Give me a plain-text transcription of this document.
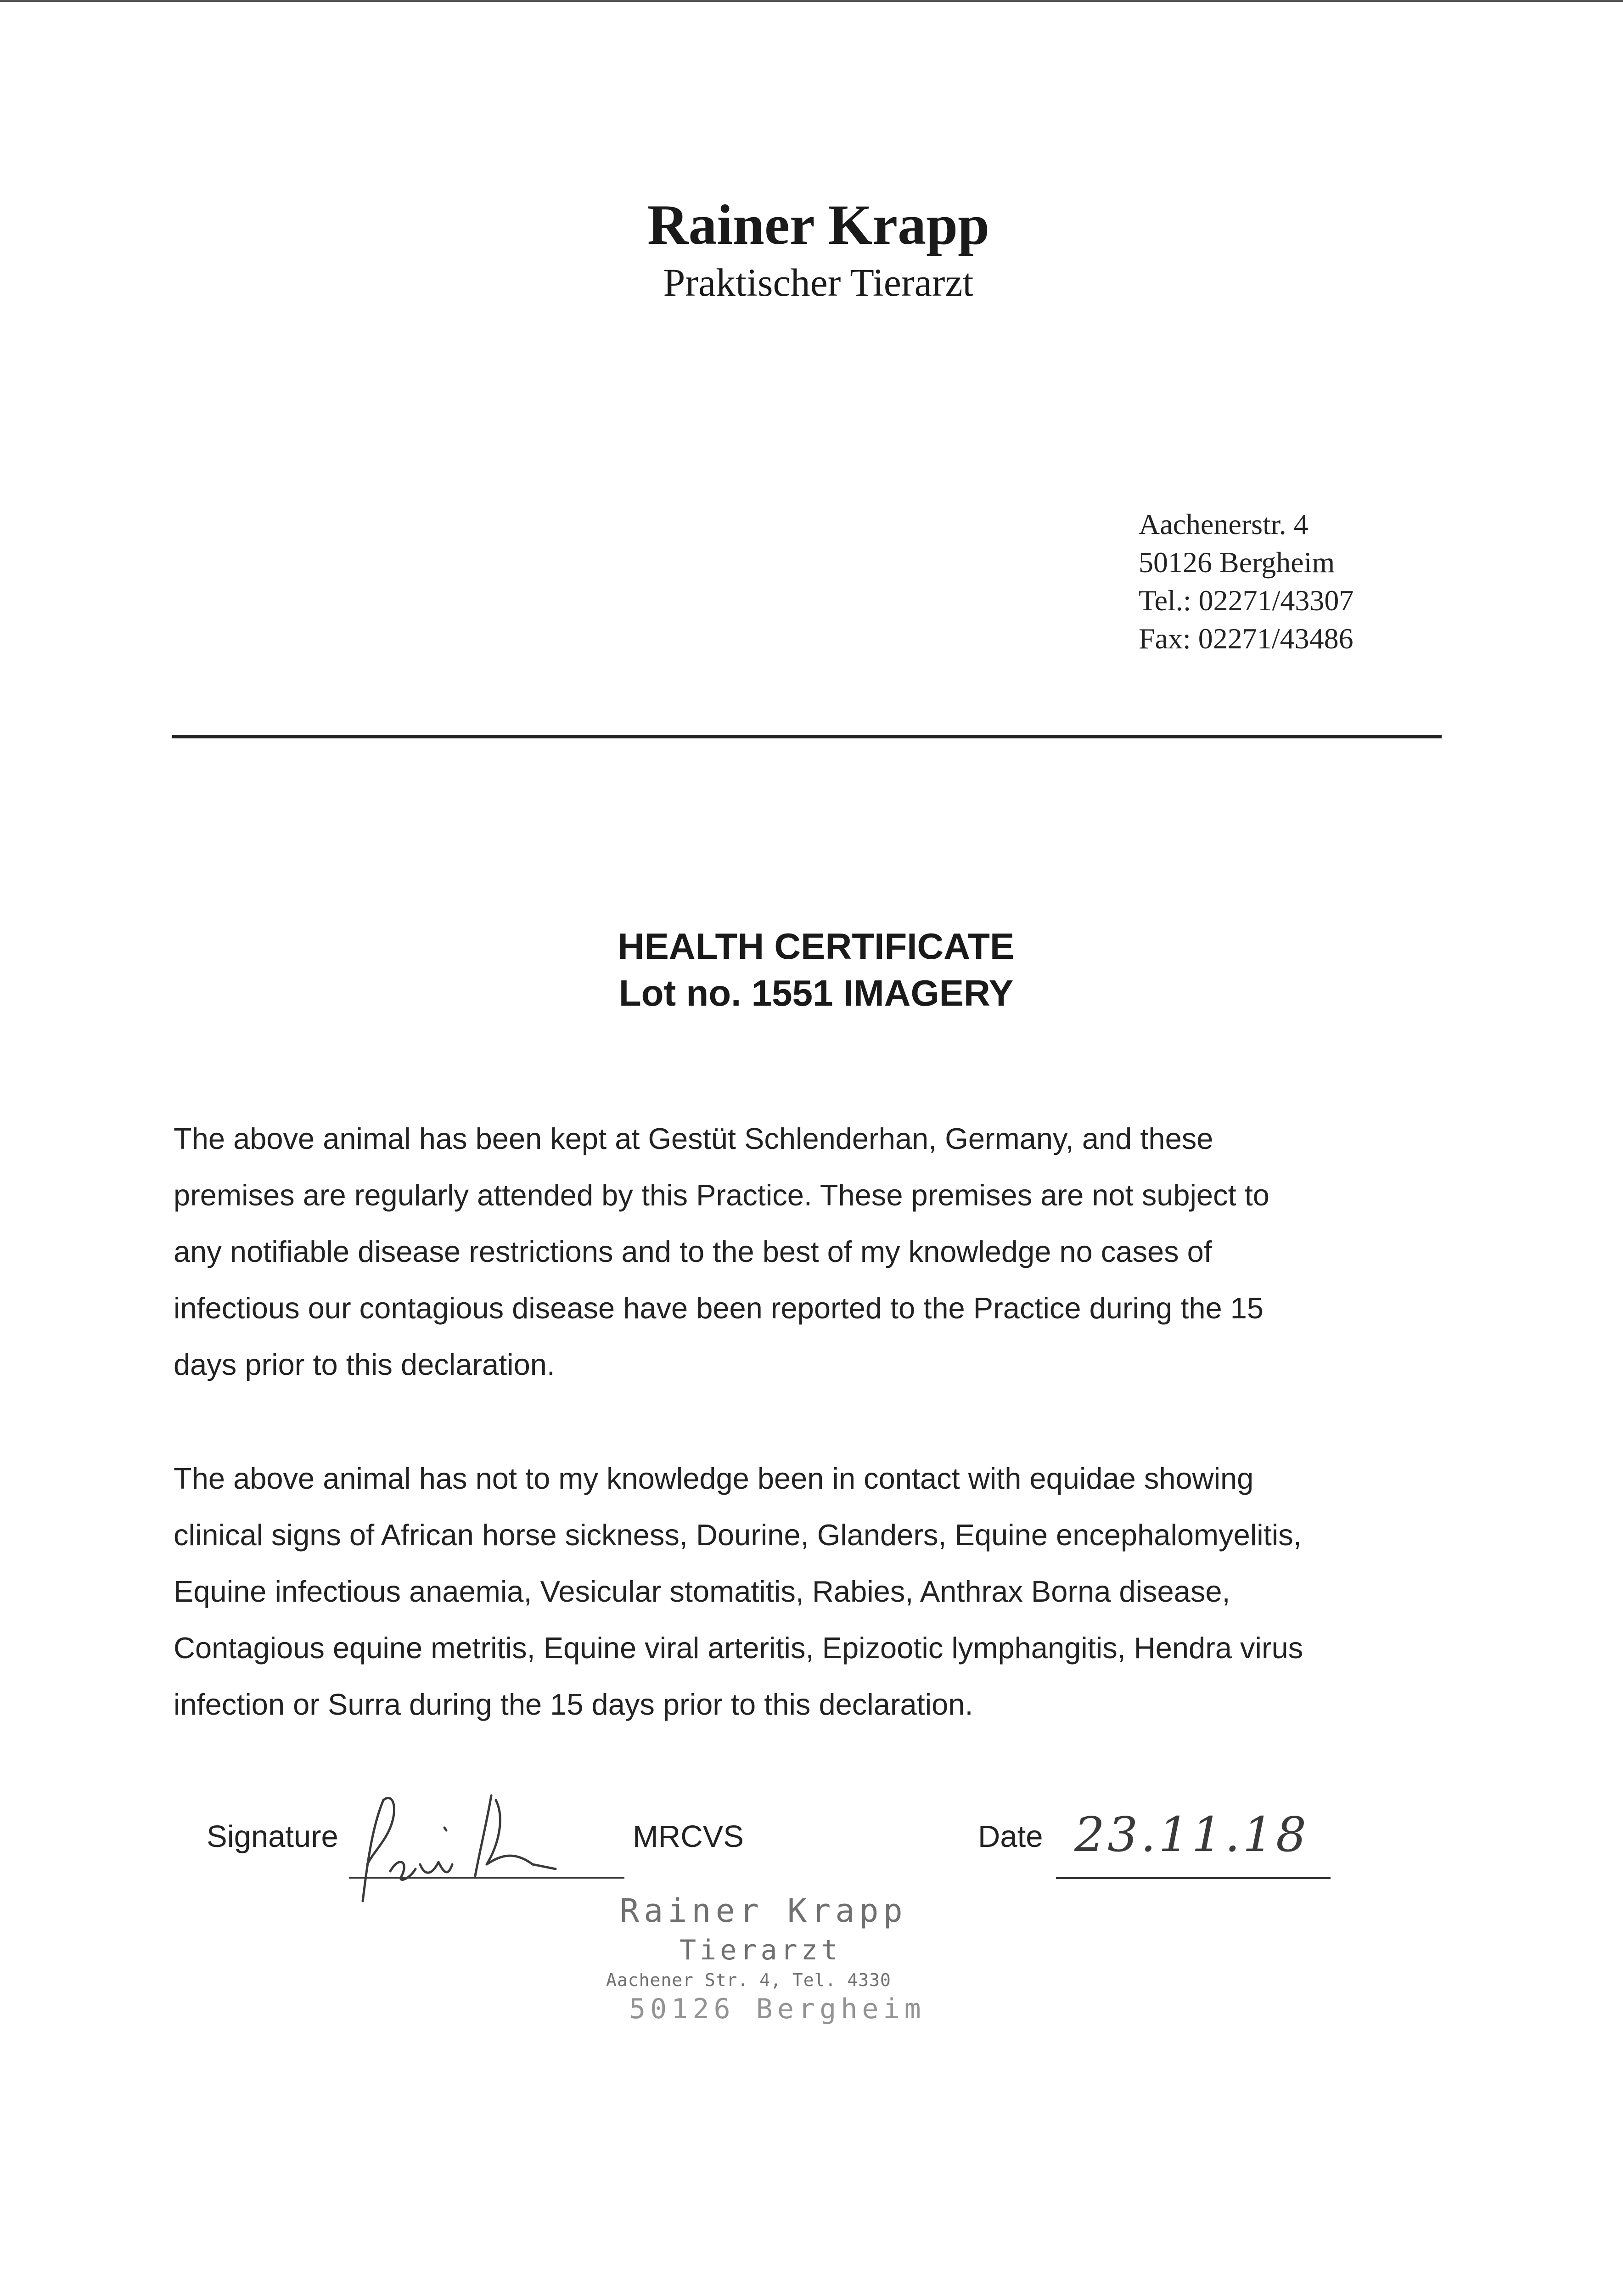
Rainer Krapp
Praktischer Tierarzt
Aachenerstr. 4
50126 Bergheim
Tel.: 02271/43307
Fax: 02271/43486
HEALTH CERTIFICATE
Lot no. 1551 IMAGERY
The above animal has been kept at Gestüt Schlenderhan, Germany, and these
premises are regularly attended by this Practice. These premises are not subject to
any notifiable disease restrictions and to the best of my knowledge no cases of
infectious our contagious disease have been reported to the Practice during the 15
days prior to this declaration.
The above animal has not to my knowledge been in contact with equidae showing
clinical signs of African horse sickness, Dourine, Glanders, Equine encephalomyelitis,
Equine infectious anaemia, Vesicular stomatitis, Rabies, Anthrax Borna disease,
Contagious equine metritis, Equine viral arteritis, Epizootic lymphangitis, Hendra virus
infection or Surra during the 15 days prior to this declaration.
Signature	MRCVS	Date 23.11.18
Rainer Krapp
Tierarzt
Aachener Str. 4, Tel. 4330
50126 Bergheim
